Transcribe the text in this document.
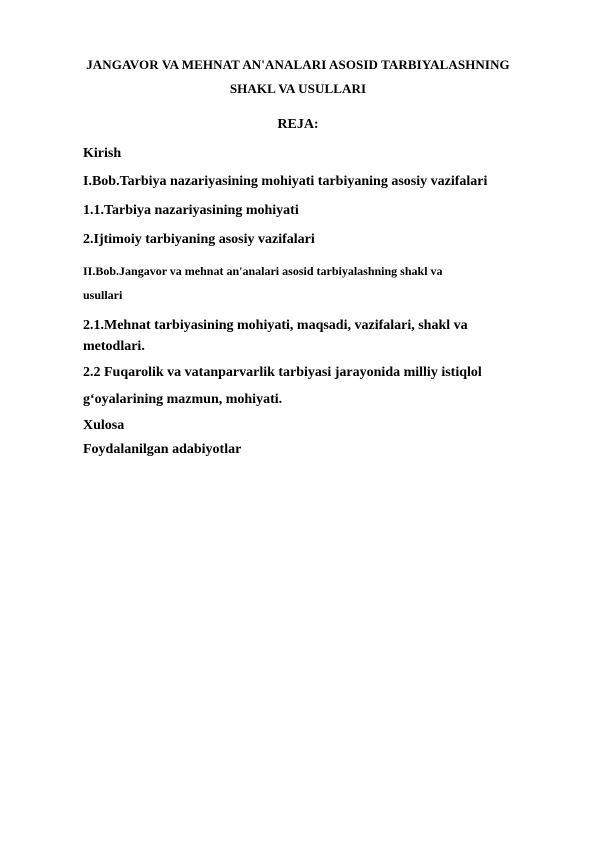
JANGAVOR VA MEHNAT AN'ANALARI ASOSID TARBIYALASHNING
SHAKL VA USULLARI
REJA:
Kirish
I.Bob.Tarbiya nazariyasining mohiyati tarbiyaning asosiy vazifalari
1.1.Tarbiya nazariyasining mohiyati
2.Ijtimoiy tarbiyaning asosiy vazifalari
II.Bob.Jangavor va mehnat an'analari asosid tarbiyalashning shakl va
usullari
2.1.Mehnat tarbiyasining mohiyati, maqsadi, vazifalari, shakl va
metodlari.
2.2 Fuqarolik va vatanparvarlik tarbiyasi jarayonida milliy istiqlol
g‘oyalarining mazmun, mohiyati.
Xulosa
Foydalanilgan adabiyotlar
